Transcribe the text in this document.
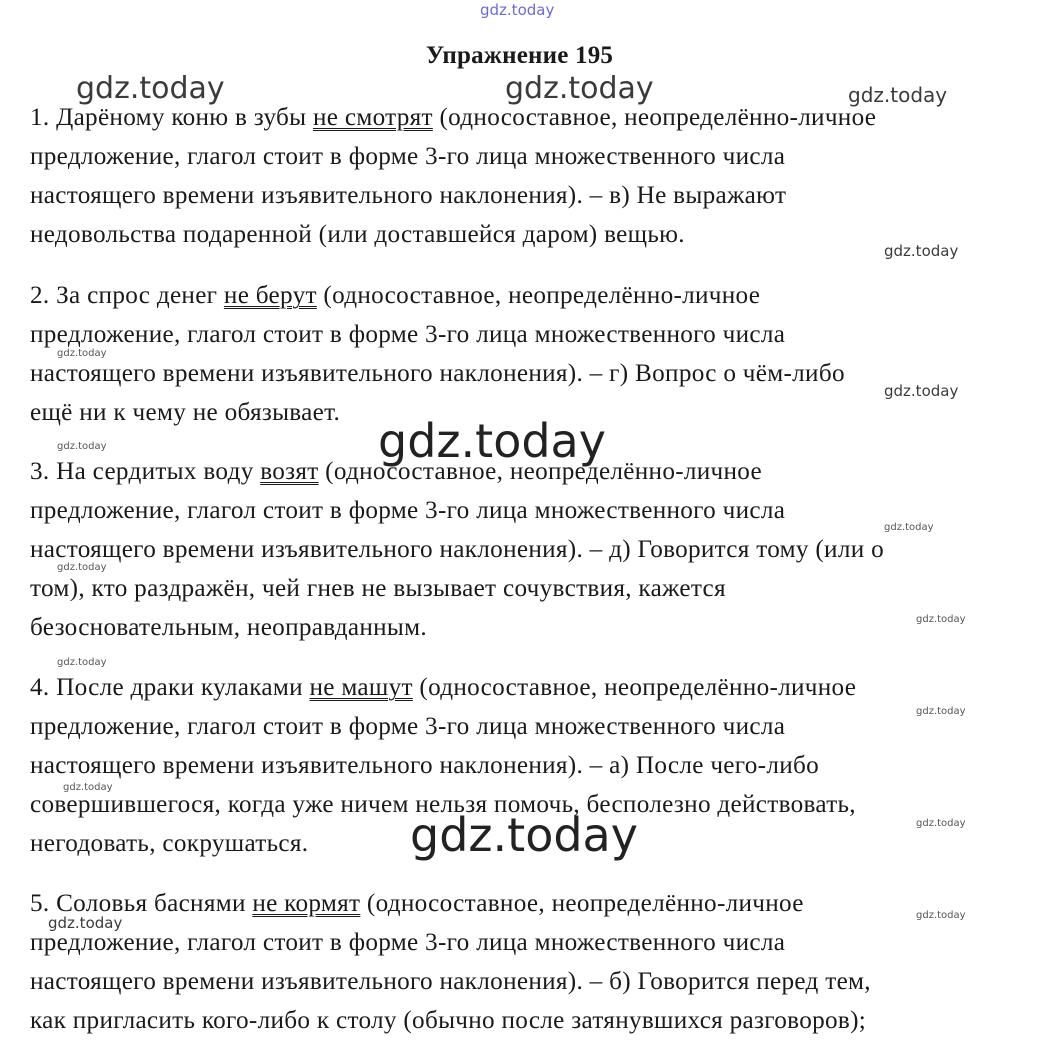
Упражнение 195
1. Дарёному коню в зубы не смотрят (односоставное, неопределённо-личное
предложение, глагол стоит в форме 3-го лица множественного числа
настоящего времени изъявительного наклонения). – в) Не выражают
недовольства подаренной (или доставшейся даром) вещью.
2. За спрос денег не берут (односоставное, неопределённо-личное
предложение, глагол стоит в форме 3-го лица множественного числа
настоящего времени изъявительного наклонения). – г) Вопрос о чём-либо
ещё ни к чему не обязывает.
3. На сердитых воду возят (односоставное, неопределённо-личное
предложение, глагол стоит в форме 3-го лица множественного числа
настоящего времени изъявительного наклонения). – д) Говорится тому (или о
том), кто раздражён, чей гнев не вызывает сочувствия, кажется
безосновательным, неоправданным.
4. После драки кулаками не машут (односоставное, неопределённо-личное
предложение, глагол стоит в форме 3-го лица множественного числа
настоящего времени изъявительного наклонения). – а) После чего-либо
совершившегося, когда уже ничем нельзя помочь, бесполезно действовать,
негодовать, сокрушаться.
5. Соловья баснями не кормят (односоставное, неопределённо-личное
предложение, глагол стоит в форме 3-го лица множественного числа
настоящего времени изъявительного наклонения). – б) Говорится перед тем,
как пригласить кого-либо к столу (обычно после затянувшихся разговоров);
gdz.today
gdz.today	gdz.today	gdz.today
gdz.today
gdz.today
gdz.today
gdz.today
gdz.today
gdz.today
gdz.today
gdz.today
gdz.today
gdz.today
gdz.today
gdz.today
gdz.today
gdz.today
gdz.today
